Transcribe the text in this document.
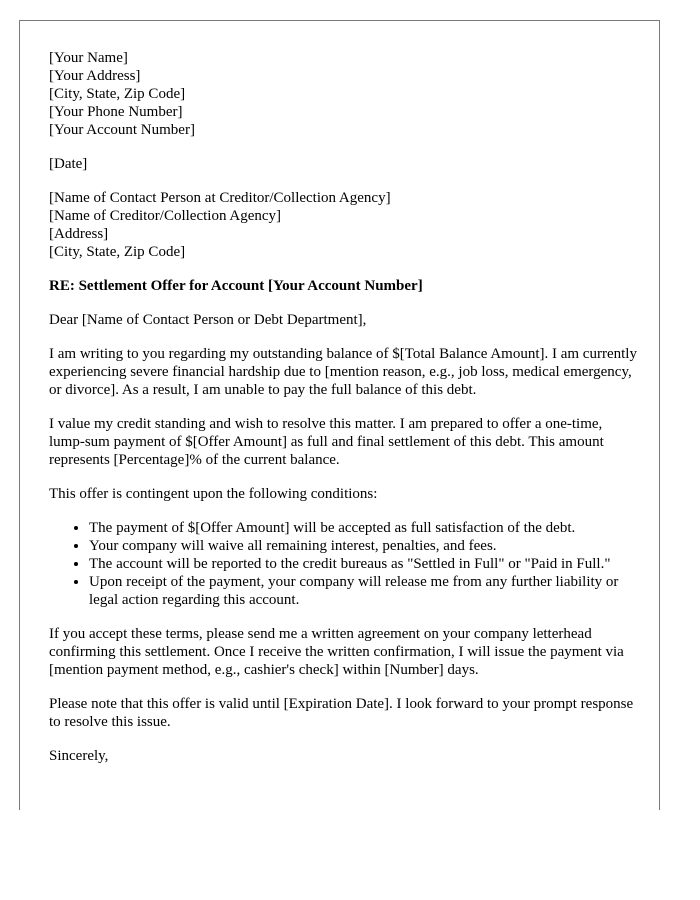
[Your Name]
[Your Address]
[City, State, Zip Code]
[Your Phone Number]
[Your Account Number]
[Date]
[Name of Contact Person at Creditor/Collection Agency]
[Name of Creditor/Collection Agency]
[Address]
[City, State, Zip Code]

RE: Settlement Offer for Account [Your Account Number]

Dear [Name of Contact Person or Debt Department],

I am writing to you regarding my outstanding balance of $[Total Balance Amount]. I am currently experiencing severe financial hardship due to [mention reason, e.g., job loss, medical emergency, or divorce]. As a result, I am unable to pay the full balance of this debt.

I value my credit standing and wish to resolve this matter. I am prepared to offer a one-time, lump-sum payment of $[Offer Amount] as full and final settlement of this debt. This amount represents [Percentage]% of the current balance.

This offer is contingent upon the following conditions:

• The payment of $[Offer Amount] will be accepted as full satisfaction of the debt.
• Your company will waive all remaining interest, penalties, and fees.
• The account will be reported to the credit bureaus as "Settled in Full" or "Paid in Full."
• Upon receipt of the payment, your company will release me from any further liability or legal action regarding this account.

If you accept these terms, please send me a written agreement on your company letterhead confirming this settlement. Once I receive the written confirmation, I will issue the payment via [mention payment method, e.g., cashier's check] within [Number] days.

Please note that this offer is valid until [Expiration Date]. I look forward to your prompt response to resolve this issue.

Sincerely,
